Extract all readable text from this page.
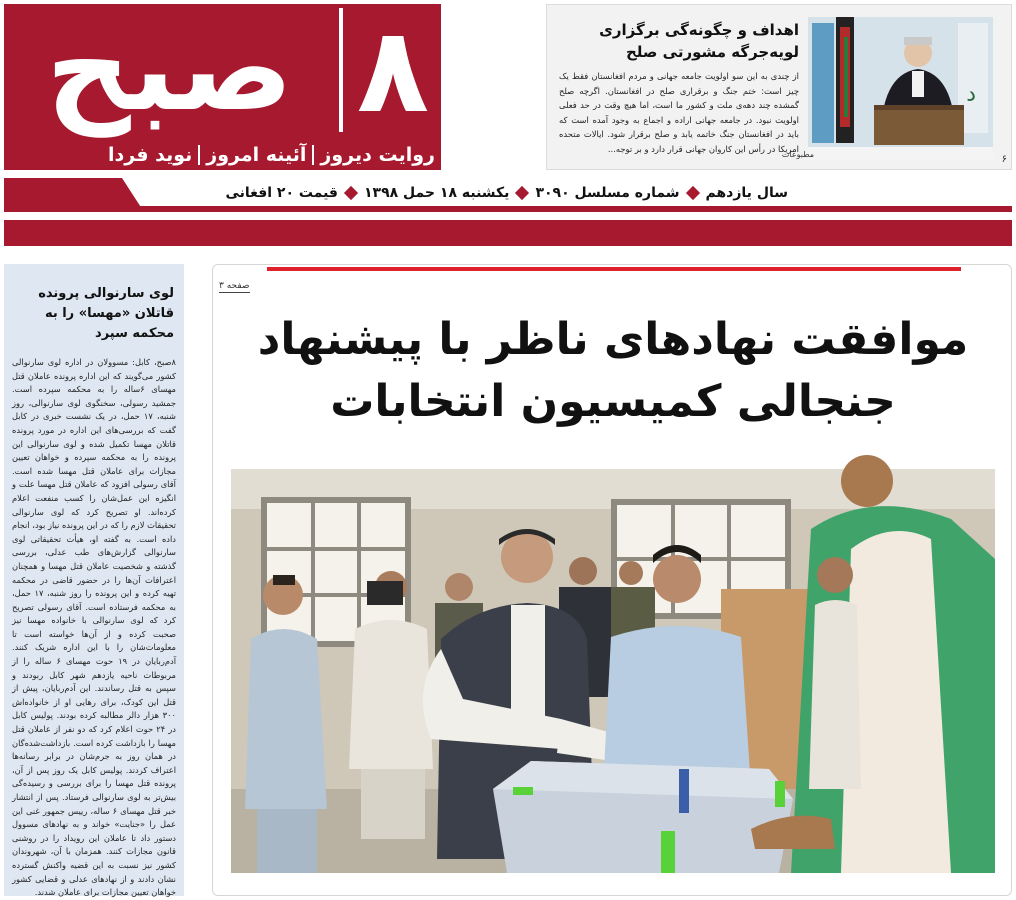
۸
صبح
روایت دیروز
آئینه امروز
نوید فردا
د
مطبوعات	۶
اهداف و چگونه‌گی برگزاری لویه‌جرگه مشورتی صلح
از چندی به این سو اولویت جامعه جهانی و مردم افغانستان فقط یک چیز است: ختم جنگ و برقراری صلح در افغانستان. اگرچه صلح گمشده چند دهه‌ی ملت و کشور ما است، اما هیچ وقت در حد فعلی اولویت نبود. در جامعه جهانی اراده و اجماع به وجود آمده است که باید در افغانستان جنگ خاتمه یابد و صلح برقرار شود. ایالات متحده امریکا در رأس این کاروان جهانی قرار دارد و بر توجه...
سال یازدهم
شماره مسلسل ۳۰۹۰
یکشنبه ۱۸ حمل ۱۳۹۸
قیمت ۲۰ افغانی
لوی سارنوالی پرونده قاتلان «مهسا» را به محکمه سپرد
۸صبح، کابل: مسوولان در اداره لوی سارنوالی کشور می‌گویند که این اداره پرونده عاملان قتل مهسای ۶ساله را به محکمه سپرده است. جمشید رسولی، سخنگوی لوی سارنوالی، روز شنبه، ۱۷ حمل، در یک نشست خبری در کابل گفت که بررسی‌های این اداره در مورد پرونده قاتلان مهسا تکمیل شده و لوی سارنوالی این پرونده را به محکمه سپرده و خواهان تعیین مجازات برای عاملان قتل مهسا شده است. آقای رسولی افزود که عاملان قتل مهسا علت و انگیزه این عمل‌شان را کسب منفعت اعلام کرده‌اند. او تصریح کرد که لوی سارنوالی تحقیقات لازم را که در این پرونده نیاز بود، انجام داده است. به گفته او، هیأت تحقیقاتی لوی سارنوالی گزارش‌های طب عدلی، بررسی گذشته و شخصیت عاملان قتل مهسا و همچنان اعترافات آن‌ها را در حضور قاضی در محکمه تهیه کرده و این پرونده را روز شنبه، ۱۷ حمل، به محکمه فرستاده است. آقای رسولی تصریح کرد که لوی سارنوالی با خانواده مهسا نیز صحبت کرده و از آن‌ها خواسته است تا معلومات‌شان را با این اداره شریک کنند. آدم‌ربایان در ۱۹ حوت مهسای ۶ ساله را از مربوطات ناحیه یازدهم شهر کابل ربودند و سپس به قتل رساندند. این آدم‌ربایان، پیش از قتل این کودک، برای رهایی او از خانواده‌اش ۳۰۰ هزار دالر مطالبه کرده بودند. پولیس کابل در ۲۴ حوت اعلام کرد که دو نفر از عاملان قتل مهسا را بازداشت کرده است. بازداشت‌شده‌گان در همان روز به جرم‌شان در برابر رسانه‌ها اعتراف کردند. پولیس کابل یک روز پس از آن، پرونده قتل مهسا را برای بررسی و رسیده‌گی بیش‌تر به لوی سارنوالی فرستاد. پس از انتشار خبر قتل مهسای ۶ ساله، رییس جمهور غنی این عمل را «جنایت» خواند و به نهادهای مسوول دستور داد تا عاملان این رویداد را در روشنی قانون مجازات کنند. همزمان با آن، شهروندان کشور نیز نسبت به این قضیه واکنش گسترده نشان دادند و از نهادهای عدلی و قضایی کشور خواهان تعیین مجازات برای عاملان شدند.
صفحه ۳
موافقت نهادهای ناظر با پیشنهاد
جنجالی کمیسیون انتخابات
